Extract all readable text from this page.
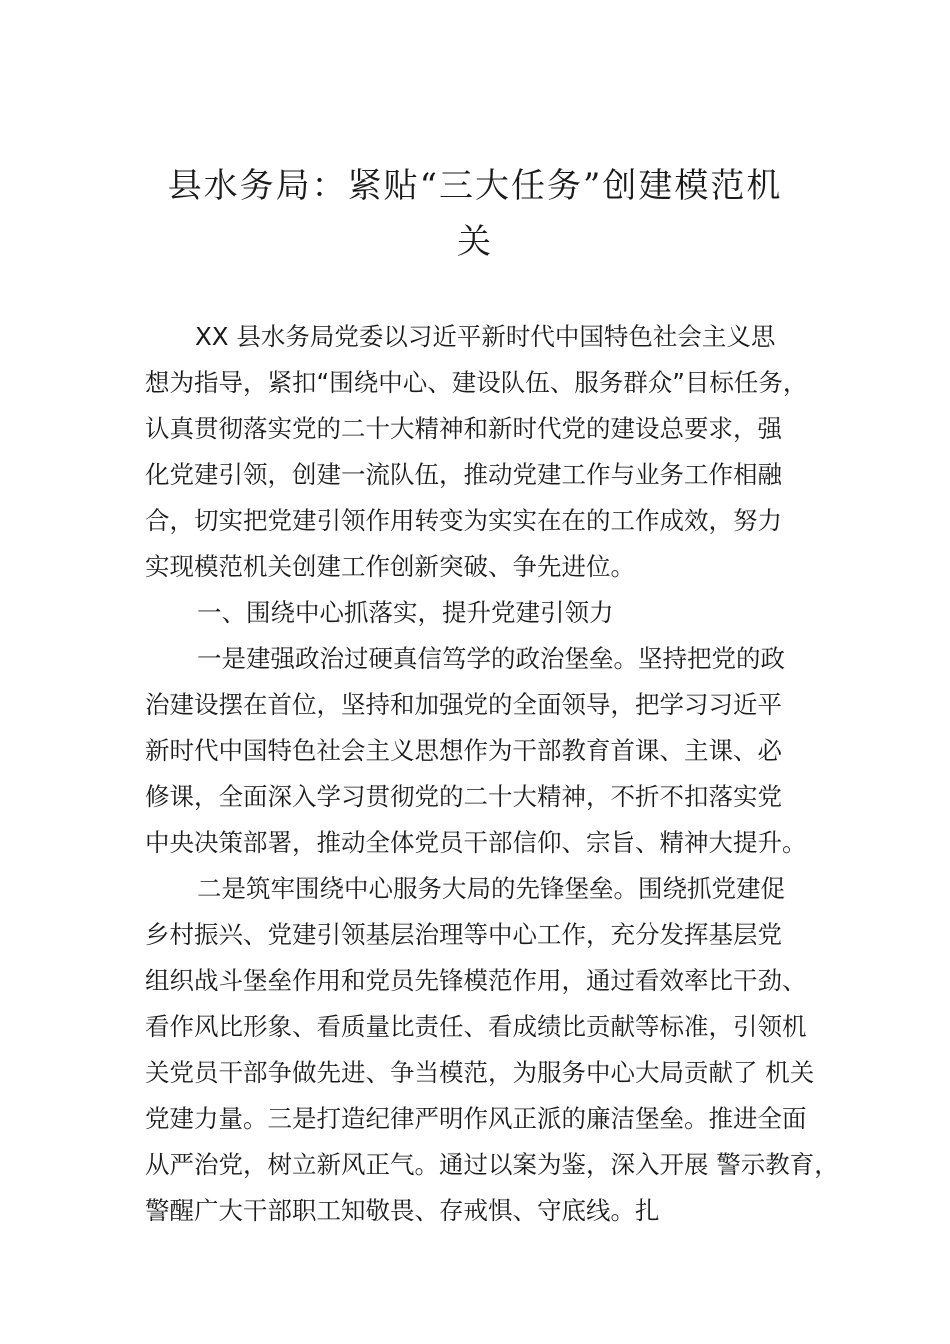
县水务局：紧贴“三大任务”创建模范机
关
XX 县水务局党委以习近平新时代中国特色社会主义思
想为指导，紧扣“围绕中心、建设队伍、服务群众”目标任务，
认真贯彻落实党的二十大精神和新时代党的建设总要求，强
化党建引领，创建一流队伍，推动党建工作与业务工作相融
合，切实把党建引领作用转变为实实在在的工作成效，努力
实现模范机关创建工作创新突破、争先进位。
一、围绕中心抓落实，提升党建引领力
一是建强政治过硬真信笃学的政治堡垒。坚持把党的政
治建设摆在首位，坚持和加强党的全面领导，把学习习近平
新时代中国特色社会主义思想作为干部教育首课、主课、必
修课，全面深入学习贯彻党的二十大精神，不折不扣落实党
中央决策部署，推动全体党员干部信仰、宗旨、精神大提升。
二是筑牢围绕中心服务大局的先锋堡垒。围绕抓党建促
乡村振兴、党建引领基层治理等中心工作，充分发挥基层党
组织战斗堡垒作用和党员先锋模范作用，通过看效率比干劲、
看作风比形象、看质量比责任、看成绩比贡献等标准，引领机
关党员干部争做先进、争当模范，为服务中心大局贡献了 机关
党建力量。三是打造纪律严明作风正派的廉洁堡垒。推进全面
从严治党，树立新风正气。通过以案为鉴，深入开展 警示教育，
警醒广大干部职工知敬畏、存戒惧、守底线。扎
